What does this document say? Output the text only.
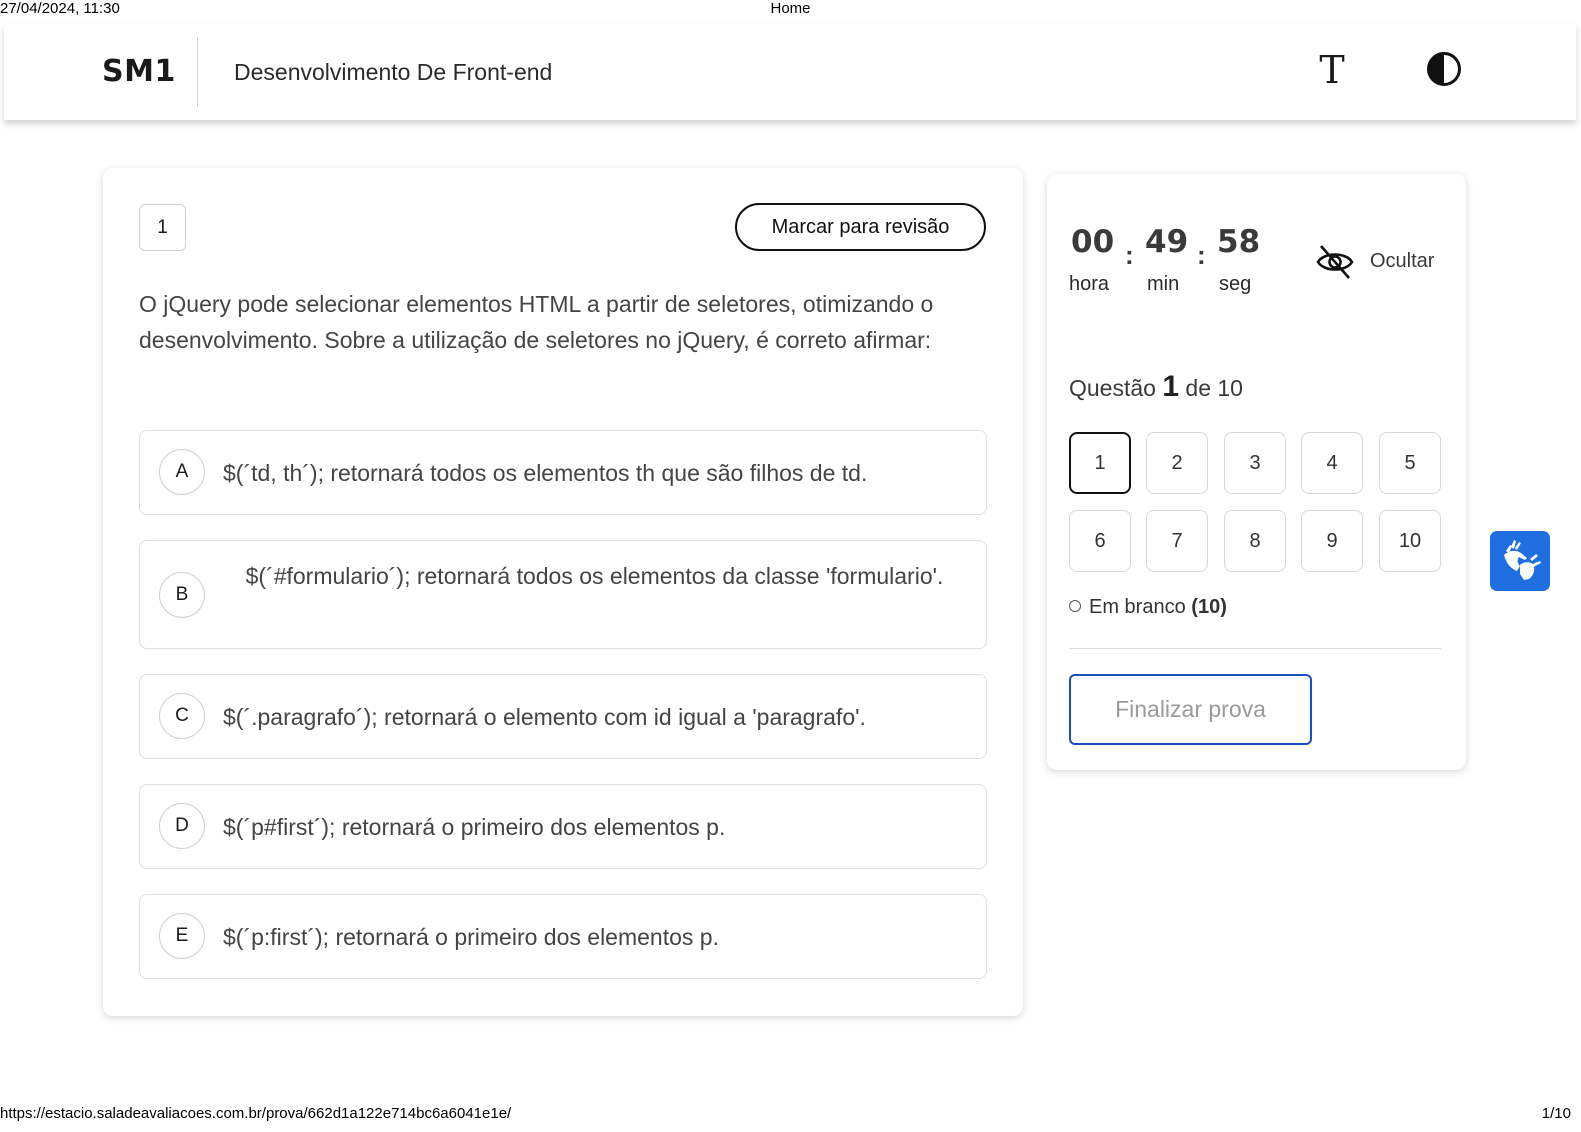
27/04/2024, 11:30	Home
https://estacio.saladeavaliacoes.com.br/prova/662d1a122e714bc6a6041e1e/	1/10
SM1	Desenvolvimento De Front-end	T
1	Marcar para revisão
O jQuery pode selecionar elementos HTML a partir de seletores, otimizando o desenvolvimento. Sobre a utilização de seletores no jQuery, é correto afirmar:
A	$(´td, th´); retornará todos os elementos th que são filhos de td.
B
$(´#formulario´); retornará todos os elementos da classe 'formulario'.
C	$(´.paragrafo´); retornará o elemento com id igual a 'paragrafo'.
D	$(´p#first´); retornará o primeiro dos elementos p.
E	$(´p:first´); retornará o primeiro dos elementos p.
00 : 49 : 58
hora min seg
Ocultar
Questão 1 de 10
1	2	3	4	5
6	7	8	9	10
Em branco (10)
Finalizar prova
